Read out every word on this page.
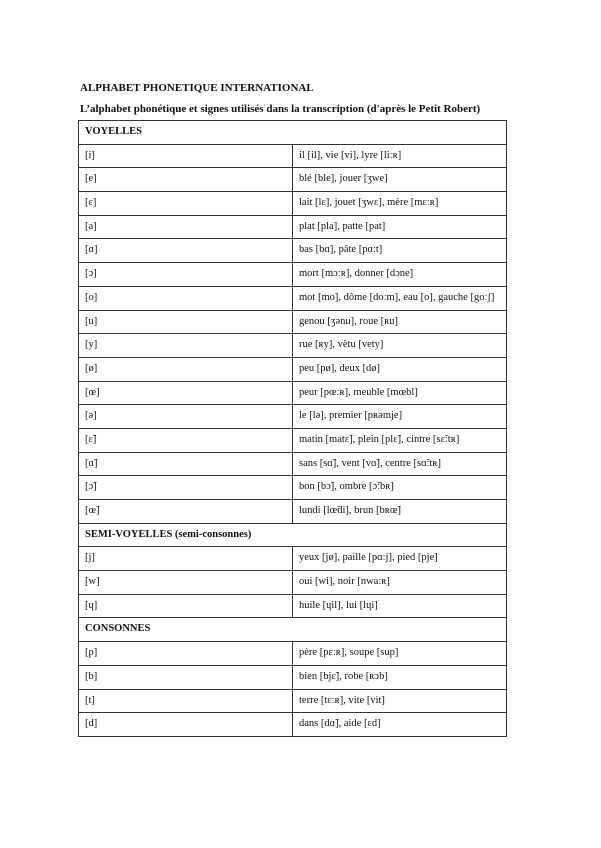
ALPHABET PHONETIQUE INTERNATIONAL
L’alphabet phonétique et signes utilisés dans la transcription (d'après le Petit Robert)
VOYELLES	
[i]	il [il], vie [vi], lyre [liːʀ]
[e]	blé [ble], jouer [ʒwe]
[ɛ]	lait [lɛ], jouet [ʒwɛ], mère [mɛːʀ]
[a]	plat [pla], patte [pat]
[ɑ]	bas [bɑ], pâte [pɑːt]
[ɔ]	mort [mɔːʀ], donner [dɔne]
[o]	mot [mo], dôme [doːm], eau [o], gauche [goːʃ]
[u]	genou [ʒənu], roue [ʀu]
[y]	rue [ʀy], vêtu [vety]
[ø]	peu [pø], deux [dø]
[œ]	peur [pœːʀ], meuble [mœbl]
[ə]	le [lə], premier [pʀəmje]
[ɛ̃]	matin [matɛ̃], plein [plɛ̃], cintre [sɛ̃ːtʀ]
[ɑ̃]	sans [sɑ̃], vent [vɑ̃], centre [sɑ̃ːtʀ]
[ɔ̃]	bon [bɔ̃], ombre [ɔ̃ːbʀ]
[œ̃]	lundi [lœ̃di], brun [bʀœ̃]
SEMI-VOYELLES (semi-consonnes)	
[j]	yeux [jø], paille [pɑːj], pied [pje]
[w]	oui [wi], noir [nwaːʀ]
[ɥ]	huile [ɥil], lui [lɥi]
CONSONNES	
[p]	père [pɛːʀ], soupe [sup]
[b]	bien [bjɛ̃], robe [ʀɔb]
[t]	terre [tɛːʀ], vite [vit]
[d]	dans [dɑ̃], aide [ɛd]
